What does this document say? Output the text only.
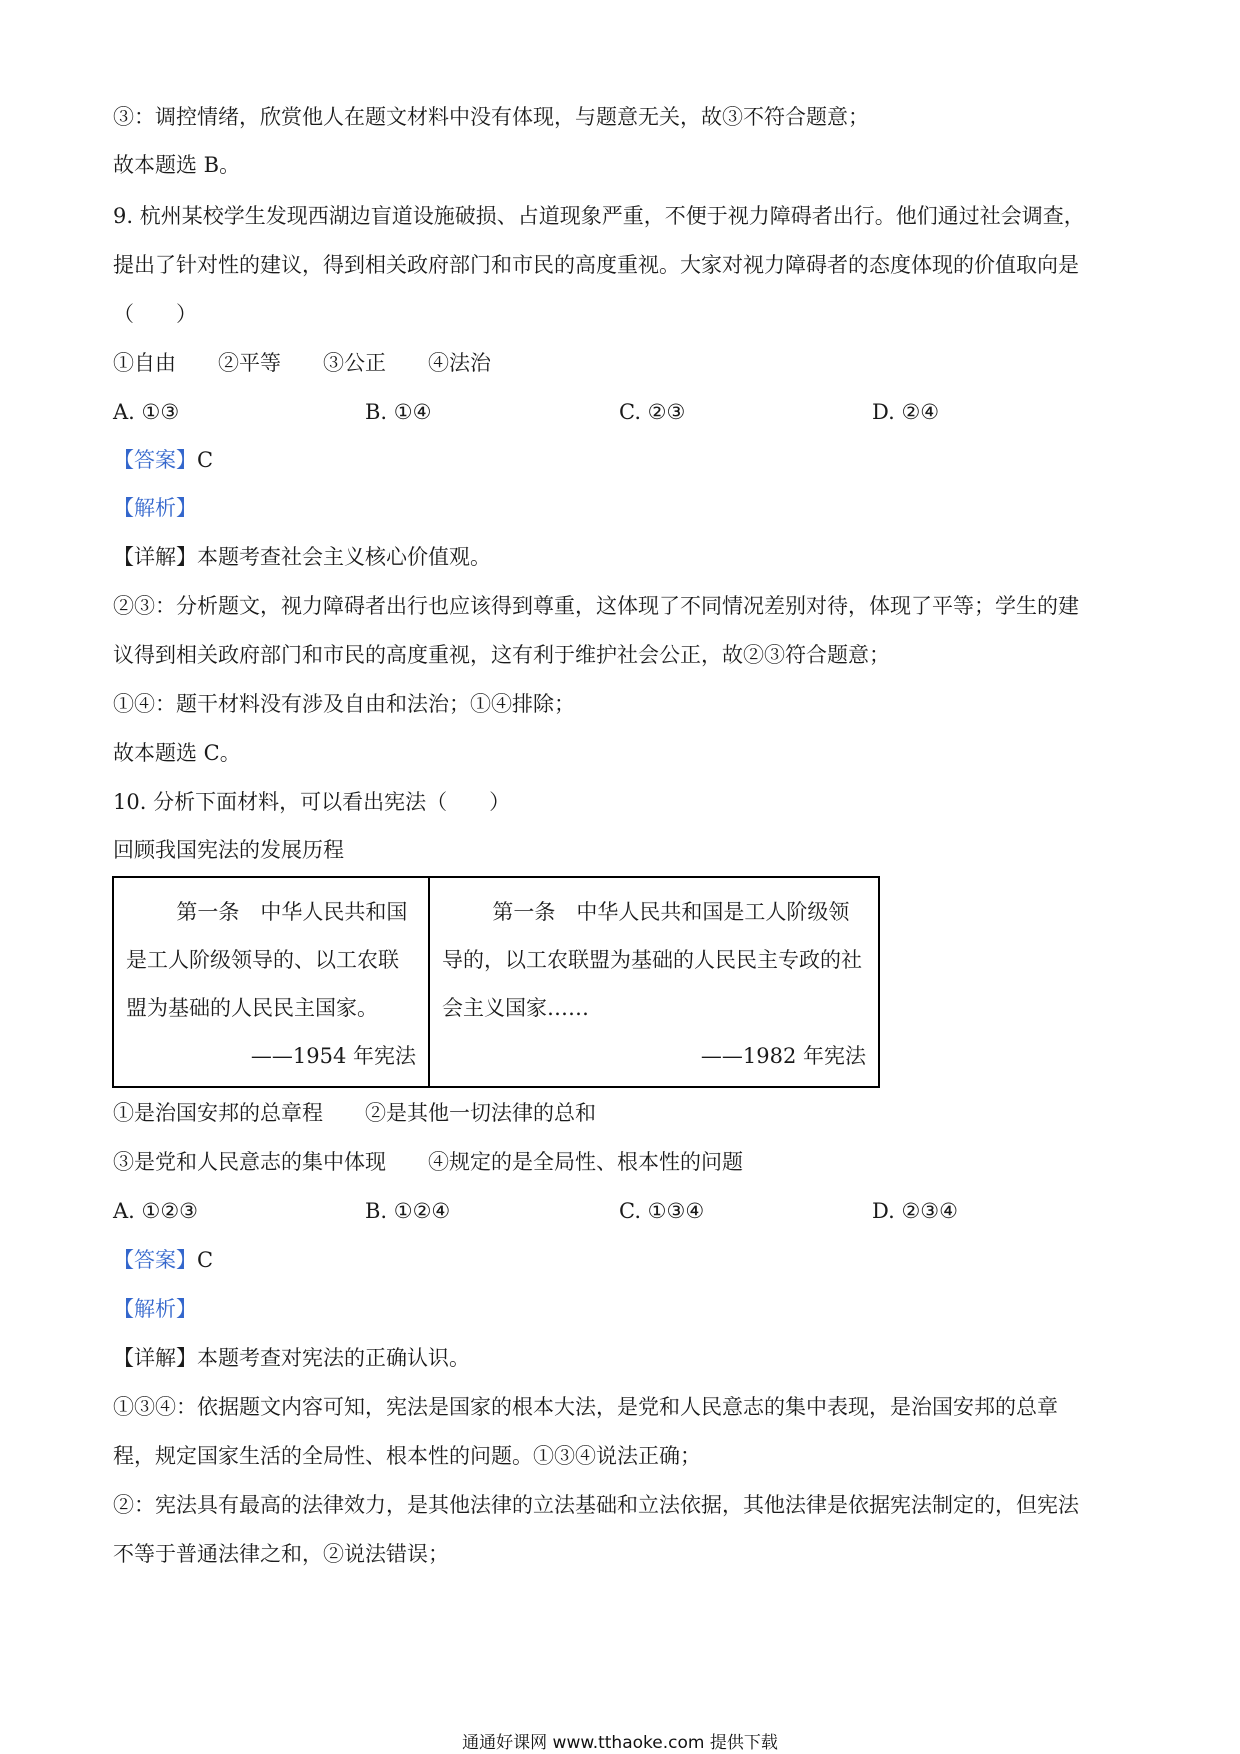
③：调控情绪，欣赏他人在题文材料中没有体现，与题意无关，故③不符合题意；
故本题选 B。
9. 杭州某校学生发现西湖边盲道设施破损、占道现象严重，不便于视力障碍者出行。他们通过社会调查，
提出了针对性的建议，得到相关政府部门和市民的高度重视。大家对视力障碍者的态度体现的价值取向是
（　　）
①自由　　②平等　　③公正　　④法治
A. ①③	B. ①④	C. ②③	D. ②④
【答案】C
【解析】
【详解】本题考查社会主义核心价值观。
②③：分析题文，视力障碍者出行也应该得到尊重，这体现了不同情况差别对待，体现了平等；学生的建
议得到相关政府部门和市民的高度重视，这有利于维护社会公正，故②③符合题意；
①④：题干材料没有涉及自由和法治；①④排除；
故本题选 C。
10. 分析下面材料，可以看出宪法（　　）
回顾我国宪法的发展历程
第一条　中华人民共和国是工人阶级领导的、以工农联盟为基础的人民民主国家。
——1954 年宪法

第一条　中华人民共和国是工人阶级领导的，以工农联盟为基础的人民民主专政的社会主义国家……
——1982 年宪法
①是治国安邦的总章程　　②是其他一切法律的总和
③是党和人民意志的集中体现　　④规定的是全局性、根本性的问题
A. ①②③	B. ①②④	C. ①③④	D. ②③④
【答案】C
【解析】
【详解】本题考查对宪法的正确认识。
①③④：依据题文内容可知，宪法是国家的根本大法，是党和人民意志的集中表现，是治国安邦的总章
程，规定国家生活的全局性、根本性的问题。①③④说法正确；
②：宪法具有最高的法律效力，是其他法律的立法基础和立法依据，其他法律是依据宪法制定的，但宪法
不等于普通法律之和，②说法错误；
通通好课网 www.tthaoke.com 提供下载
